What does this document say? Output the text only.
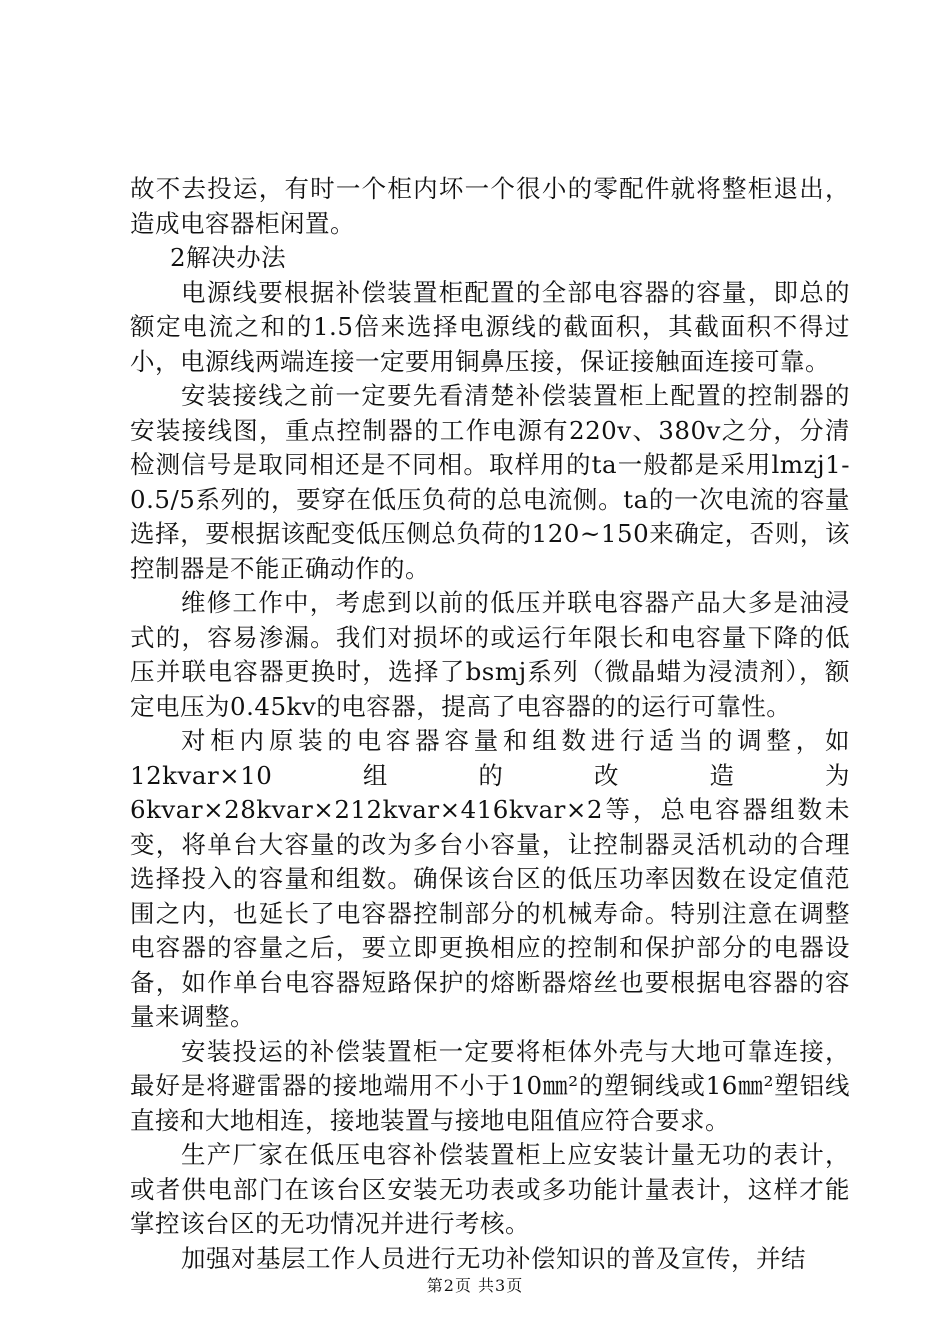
故不去投运，有时一个柜内坏一个很小的零配件就将整柜退出，造成电容器柜闲置。

2解决办法

电源线要根据补偿装置柜配置的全部电容器的容量，即总的额定电流之和的1.5倍来选择电源线的截面积，其截面积不得过小，电源线两端连接一定要用铜鼻压接，保证接触面连接可靠。

安装接线之前一定要先看清楚补偿装置柜上配置的控制器的安装接线图，重点控制器的工作电源有220v、380v之分，分清检测信号是取同相还是不同相。取样用的ta一般都是采用lmzj1-0.5/5系列的，要穿在低压负荷的总电流侧。ta的一次电流的容量选择，要根据该配变低压侧总负荷的120~150来确定，否则，该控制器是不能正确动作的。

维修工作中，考虑到以前的低压并联电容器产品大多是油浸式的，容易渗漏。我们对损坏的或运行年限长和电容量下降的低压并联电容器更换时，选择了bsmj系列（微晶蜡为浸渍剂），额定电压为0.45kv的电容器，提高了电容器的的运行可靠性。

对柜内原装的电容器容量和组数进行适当的调整，如12kvar×10组的改造为6kvar×28kvar×212kvar×416kvar×2等，总电容器组数未变，将单台大容量的改为多台小容量，让控制器灵活机动的合理选择投入的容量和组数。确保该台区的低压功率因数在设定值范围之内，也延长了电容器控制部分的机械寿命。特别注意在调整电容器的容量之后，要立即更换相应的控制和保护部分的电器设备，如作单台电容器短路保护的熔断器熔丝也要根据电容器的容量来调整。

安装投运的补偿装置柜一定要将柜体外壳与大地可靠连接，最好是将避雷器的接地端用不小于10㎜²的塑铜线或16㎜²塑铝线直接和大地相连，接地装置与接地电阻值应符合要求。

生产厂家在低压电容补偿装置柜上应安装计量无功的表计，或者供电部门在该台区安装无功表或多功能计量表计，这样才能掌控该台区的无功情况并进行考核。

加强对基层工作人员进行无功补偿知识的普及宣传，并结

第2页 共3页
